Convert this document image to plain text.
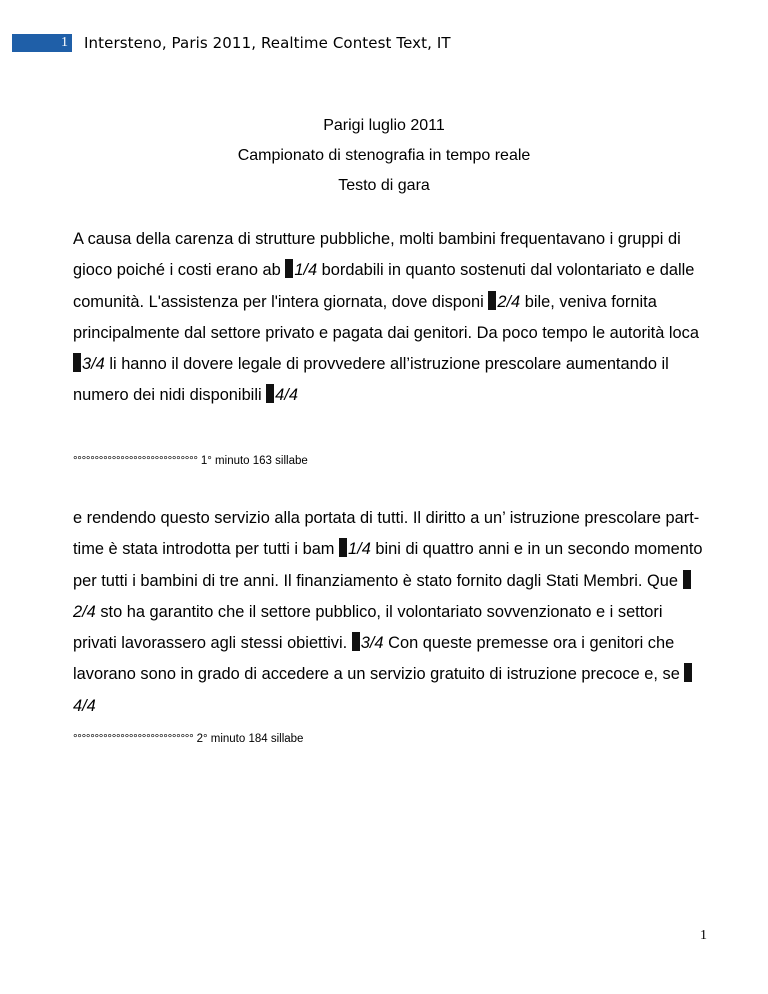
1 Intersteno, Paris 2011, Realtime Contest Text, IT
Parigi luglio 2011
Campionato di stenografia in tempo reale
Testo di gara
A causa della carenza di strutture pubbliche, molti bambini frequentavano i gruppi di gioco poiché i costi erano ab 1/4 bordabili in quanto sostenuti dal volontariato e dalle comunità. L'assistenza per l'intera giornata, dove disponi 2/4 bile, veniva fornita principalmente dal settore privato e pagata dai genitori. Da poco tempo le autorità loca 3/4 li hanno il dovere legale di provvedere all’istruzione prescolare aumentando il numero dei nidi disponibili 4/4
°°°°°°°°°°°°°°°°°°°°°°°°°°°°° 1° minuto 163 sillabe
e rendendo questo servizio alla portata di tutti. Il diritto a un’ istruzione prescolare part-time è stata introdotta per tutti i bam 1/4 bini di quattro anni e in un secondo momento per tutti i bambini di tre anni. Il finanziamento è stato fornito dagli Stati Membri. Que 2/4 sto ha garantito che il settore pubblico, il volontariato sovvenzionato e i settori privati lavorassero agli stessi obiettivi. 3/4 Con queste premesse ora i genitori che lavorano sono in grado di accedere a un servizio gratuito di istruzione precoce e, se 4/4
°°°°°°°°°°°°°°°°°°°°°°°°°°°° 2° minuto 184 sillabe
1
